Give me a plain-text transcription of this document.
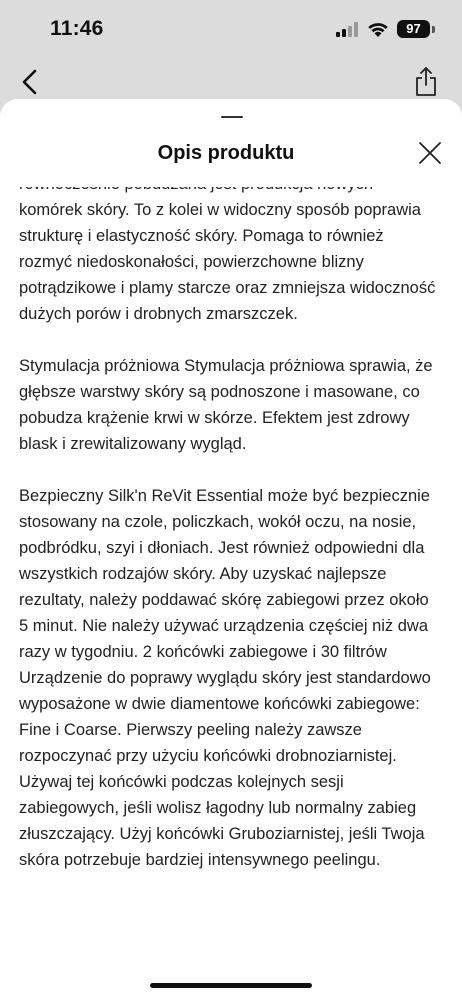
11:46	97
Opis produktu

komórek skóry. To z kolei w widoczny sposób poprawia strukturę i elastyczność skóry. Pomaga to również rozmyć niedoskonałości, powierzchowne blizny potrądzikowe i plamy starcze oraz zmniejsza widoczność dużych porów i drobnych zmarszczek.

Stymulacja próżniowa Stymulacja próżniowa sprawia, że głębsze warstwy skóry są podnoszone i masowane, co pobudza krążenie krwi w skórze. Efektem jest zdrowy blask i zrewitalizowany wygląd.

Bezpieczny Silk'n ReVit Essential może być bezpiecznie stosowany na czole, policzkach, wokół oczu, na nosie, podbródku, szyi i dłoniach. Jest również odpowiedni dla wszystkich rodzajów skóry. Aby uzyskać najlepsze rezultaty, należy poddawać skórę zabiegowi przez około 5 minut. Nie należy używać urządzenia częściej niż dwa razy w tygodniu. 2 końcówki zabiegowe i 30 filtrów Urządzenie do poprawy wyglądu skóry jest standardowo wyposażone w dwie diamentowe końcówki zabiegowe: Fine i Coarse. Pierwszy peeling należy zawsze rozpoczynać przy użyciu końcówki drobnoziarnistej. Używaj tej końcówki podczas kolejnych sesji zabiegowych, jeśli wolisz łagodny lub normalny zabieg złuszczający. Użyj końcówki Gruboziarnistej, jeśli Twoja skóra potrzebuje bardziej intensywnego peelingu.
